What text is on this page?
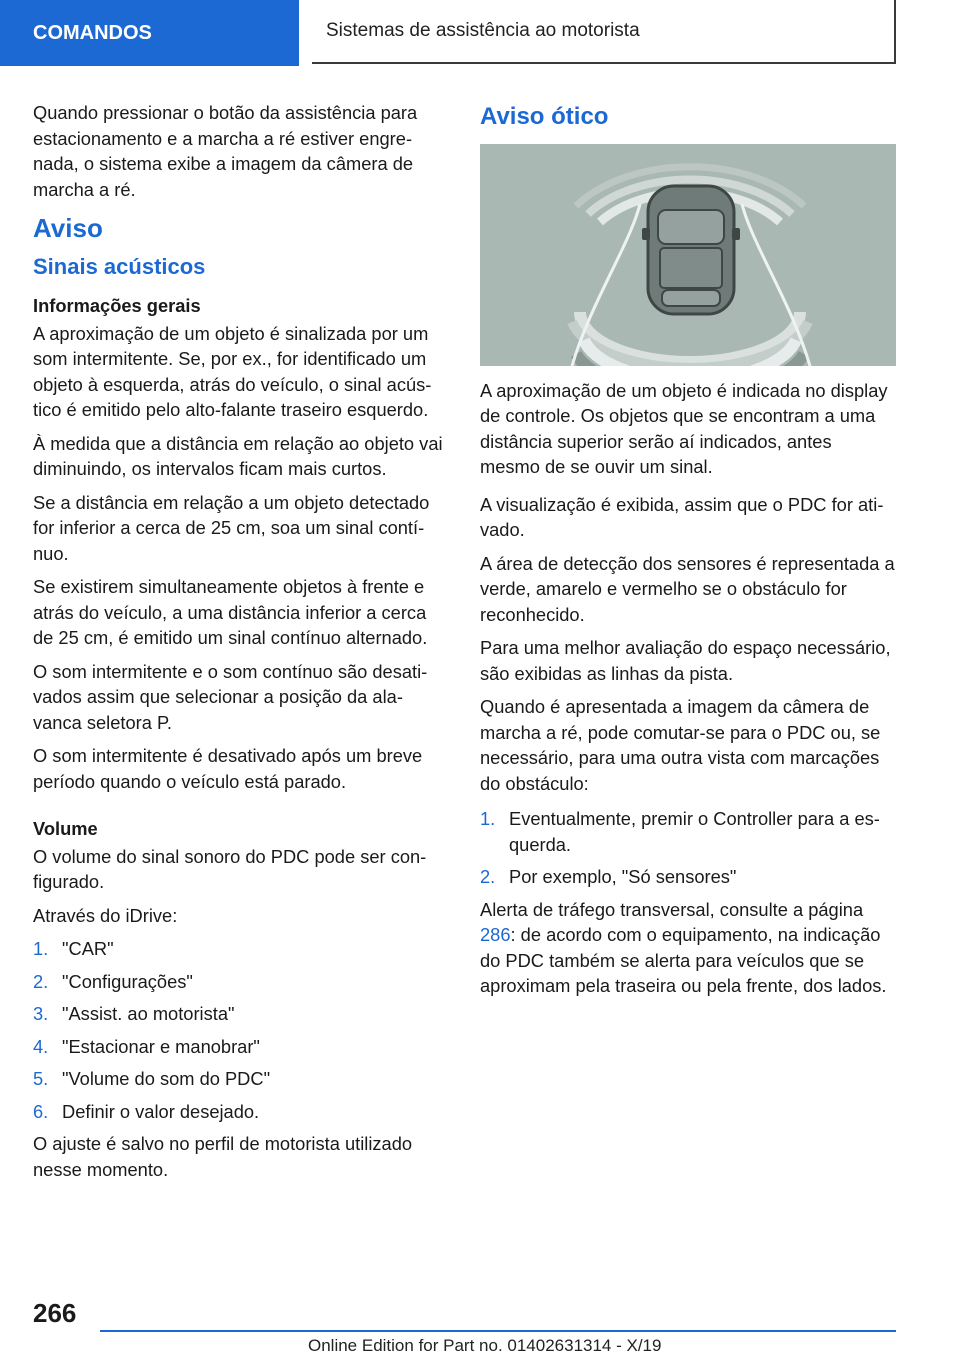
COMANDOS	Sistemas de assistência ao motorista

Quando pressionar o botão da assistência para estacionamento e a marcha a ré estiver engrenada, o sistema exibe a imagem da câmera de marcha a ré.

Aviso
Sinais acústicos
Informações gerais

A aproximação de um objeto é sinalizada por um som intermitente. Se, por ex., for identificado um objeto à esquerda, atrás do veículo, o sinal acústico é emitido pelo alto-falante traseiro esquerdo.

À medida que a distância em relação ao objeto vai diminuindo, os intervalos ficam mais curtos.

Se a distância em relação a um objeto detectado for inferior a cerca de 25 cm, soa um sinal contínuo.

Se existirem simultaneamente objetos à frente e atrás do veículo, a uma distância inferior a cerca de 25 cm, é emitido um sinal contínuo alternado.

O som intermitente e o som contínuo são desativados assim que selecionar a posição da alavanca seletora P.

O som intermitente é desativado após um breve período quando o veículo está parado.

Volume

O volume do sinal sonoro do PDC pode ser configurado.

Através do iDrive:

1. "CAR"
2. "Configurações"
3. "Assist. ao motorista"
4. "Estacionar e manobrar"
5. "Volume do som do PDC"
6. Definir o valor desejado.

O ajuste é salvo no perfil de motorista utilizado nesse momento.

Aviso ótico

A aproximação de um objeto é indicada no display de controle. Os objetos que se encontram a uma distância superior serão aí indicados, antes mesmo de se ouvir um sinal.

A visualização é exibida, assim que o PDC for ativado.

A área de detecção dos sensores é representada a verde, amarelo e vermelho se o obstáculo for reconhecido.

Para uma melhor avaliação do espaço necessário, são exibidas as linhas da pista.

Quando é apresentada a imagem da câmera de marcha a ré, pode comutar-se para o PDC ou, se necessário, para uma outra vista com marcações do obstáculo:

1. Eventualmente, premir o Controller para a esquerda.
2. Por exemplo, "Só sensores"

Alerta de tráfego transversal, consulte a página 286: de acordo com o equipamento, na indicação do PDC também se alerta para veículos que se aproximam pela traseira ou pela frente, dos lados.

266
Online Edition for Part no. 01402631314 - X/19
